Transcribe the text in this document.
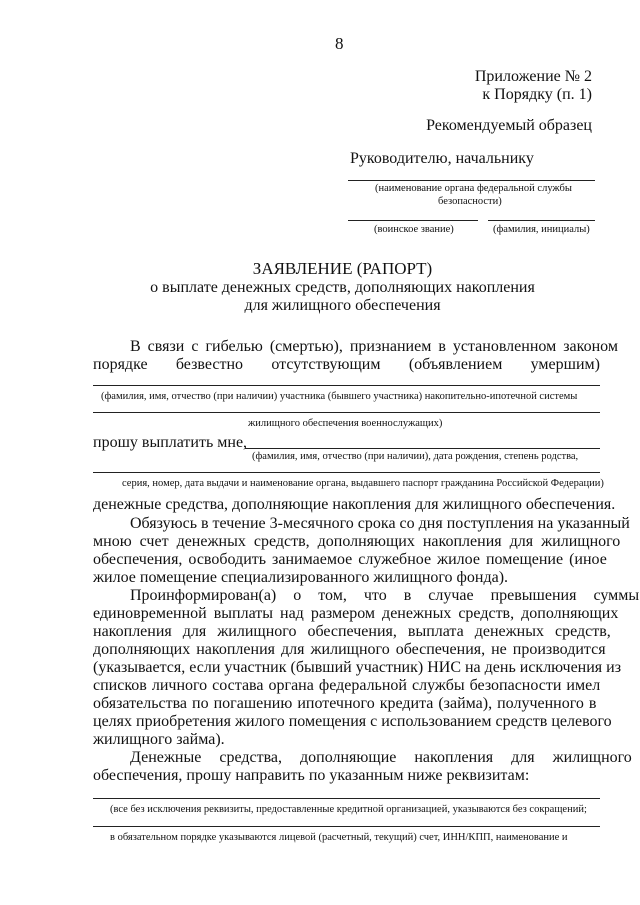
8
Приложение № 2
к Порядку (п. 1)
Рекомендуемый образец
Руководителю, начальнику
(наименование органа федеральной службы
безопасности)
(воинское звание)	(фамилия, инициалы)
ЗАЯВЛЕНИЕ (РАПОРТ)
о выплате денежных средств, дополняющих накопления
для жилищного обеспечения
В связи с гибелью (смертью), признанием в установленном законом
порядке безвестно отсутствующим (объявлением умершим)
(фамилия, имя, отчество (при наличии) участника (бывшего участника) накопительно-ипотечной системы
жилищного обеспечения военнослужащих)
прошу выплатить мне,
(фамилия, имя, отчество (при наличии), дата рождения, степень родства,
серия, номер, дата выдачи и наименование органа, выдавшего паспорт гражданина Российской Федерации)
денежные средства, дополняющие накопления для жилищного обеспечения.
Обязуюсь в течение 3-месячного срока со дня поступления на указанный
мною счет денежных средств, дополняющих накопления для жилищного
обеспечения, освободить занимаемое служебное жилое помещение (иное
жилое помещение специализированного жилищного фонда).
Проинформирован(а) о том, что в случае превышения суммы
единовременной выплаты над размером денежных средств, дополняющих
накопления для жилищного обеспечения, выплата денежных средств,
дополняющих накопления для жилищного обеспечения, не производится
(указывается, если участник (бывший участник) НИС на день исключения из
списков личного состава органа федеральной службы безопасности имел
обязательства по погашению ипотечного кредита (займа), полученного в
целях приобретения жилого помещения с использованием средств целевого
жилищного займа).
Денежные средства, дополняющие накопления для жилищного
обеспечения, прошу направить по указанным ниже реквизитам:
(все без исключения реквизиты, предоставленные кредитной организацией, указываются без сокращений;
в обязательном порядке указываются лицевой (расчетный, текущий) счет, ИНН/КПП, наименование и
